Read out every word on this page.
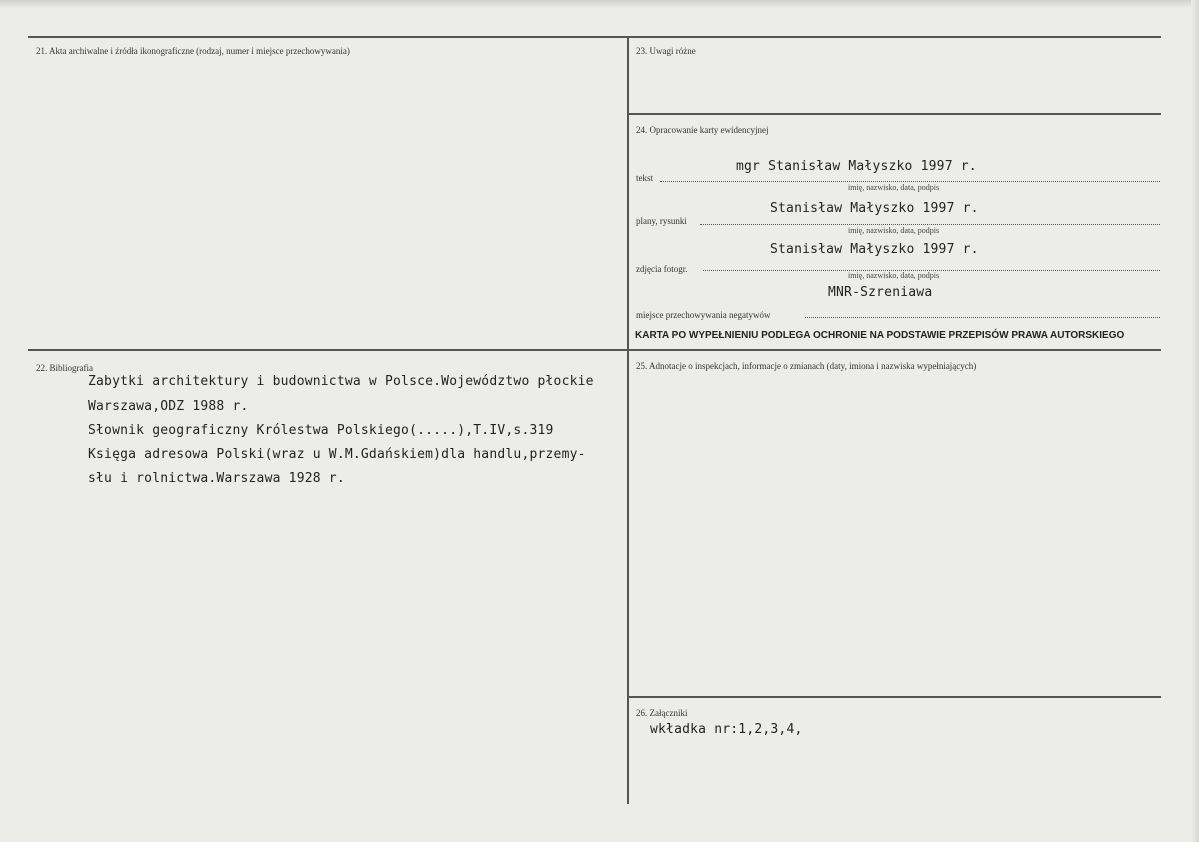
21. Akta archiwalne i źródła ikonograficzne (rodzaj, numer i miejsce przechowywania)
22. Bibliografia
Zabytki architektury i budownictwa w Polsce.Województwo płockie
Warszawa,ODZ 1988 r.
Słownik geograficzny Królestwa Polskiego(.....),T.IV,s.319
Księga adresowa Polski(wraz u W.M.Gdańskiem)dla handlu,przemy-
słu i rolnictwa.Warszawa 1928 r.
23. Uwagi różne
24. Opracowanie karty ewidencyjnej
mgr Stanisław Małyszko 1997 r.
tekst
imię, nazwisko, data, podpis
Stanisław Małyszko 1997 r.
plany, rysunki
imię, nazwisko, data, podpis
Stanisław Małyszko 1997 r.
zdjęcia fotogr.
imię, nazwisko, data, podpis
MNR-Szreniawa
miejsce przechowywania negatywów
KARTA PO WYPEŁNIENIU PODLEGA OCHRONIE NA PODSTAWIE PRZEPISÓW PRAWA AUTORSKIEGO
25. Adnotacje o inspekcjach, informacje o zmianach (daty, imiona i nazwiska wypełniających)
26. Załączniki
wkładka nr:1,2,3,4,
